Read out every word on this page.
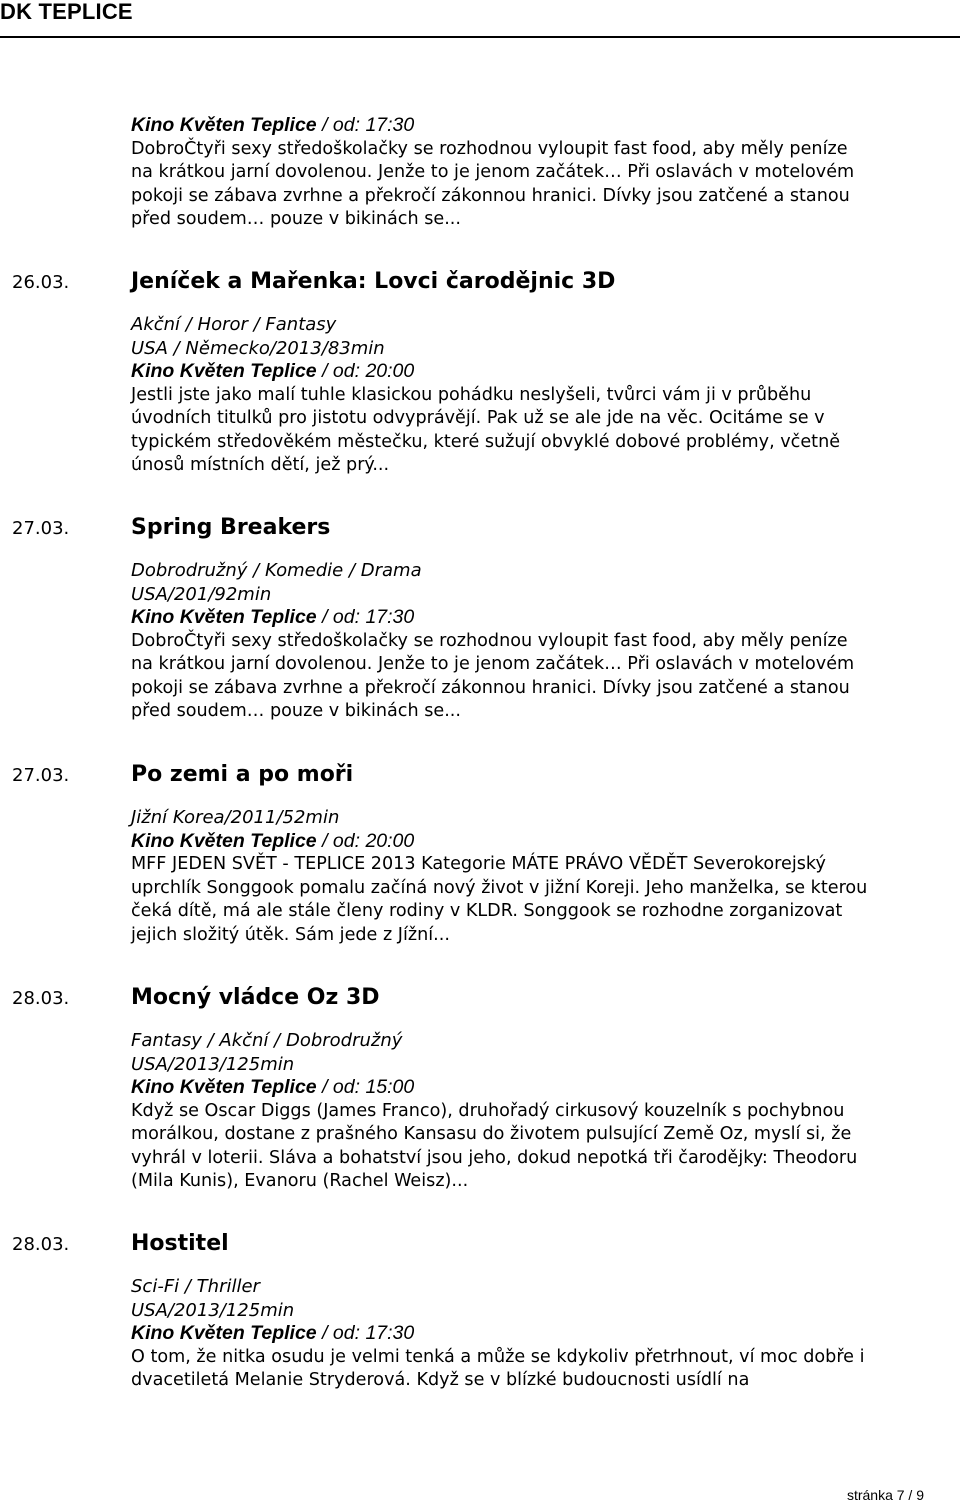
DK TEPLICE
Kino Květen Teplice / od: 17:30
DobroČtyři sexy středoškolačky se rozhodnou vyloupit fast food, aby měly peníze na krátkou jarní dovolenou. Jenže to je jenom začátek… Při oslavách v motelovém pokoji se zábava zvrhne a překročí zákonnou hranici. Dívky jsou zatčené a stanou před soudem… pouze v bikinách se...
26.03.	Jeníček a Mařenka: Lovci čarodějnic 3D
Akční / Horor / Fantasy
USA / Německo/2013/83min
Kino Květen Teplice / od: 20:00
Jestli jste jako malí tuhle klasickou pohádku neslyšeli, tvůrci vám ji v průběhu úvodních titulků pro jistotu odvyprávějí. Pak už se ale jde na věc. Ocitáme se v typickém středověkém městečku, které sužují obvyklé dobové problémy, včetně únosů místních dětí, jež prý...
27.03.	Spring Breakers
Dobrodružný / Komedie / Drama
USA/201/92min
Kino Květen Teplice / od: 17:30
DobroČtyři sexy středoškolačky se rozhodnou vyloupit fast food, aby měly peníze na krátkou jarní dovolenou. Jenže to je jenom začátek… Při oslavách v motelovém pokoji se zábava zvrhne a překročí zákonnou hranici. Dívky jsou zatčené a stanou před soudem… pouze v bikinách se...
27.03.	Po zemi a po moři
Jižní Korea/2011/52min
Kino Květen Teplice / od: 20:00
MFF JEDEN SVĚT - TEPLICE 2013 Kategorie MÁTE PRÁVO VĚDĚT Severokorejský uprchlík Songgook pomalu začíná nový život v jižní Koreji. Jeho manželka, se kterou čeká dítě, má ale stále členy rodiny v KLDR. Songgook se rozhodne zorganizovat jejich složitý útěk. Sám jede z Jížní...
28.03.	Mocný vládce Oz 3D
Fantasy / Akční / Dobrodružný
USA/2013/125min
Kino Květen Teplice / od: 15:00
Když se Oscar Diggs (James Franco), druhořadý cirkusový kouzelník s pochybnou morálkou, dostane z prašného Kansasu do životem pulsující Země Oz, myslí si, že vyhrál v loterii. Sláva a bohatství jsou jeho, dokud nepotká tři čarodějky: Theodoru (Mila Kunis), Evanoru (Rachel Weisz)...
28.03.	Hostitel
Sci-Fi / Thriller
USA/2013/125min
Kino Květen Teplice / od: 17:30
O tom, že nitka osudu je velmi tenká a může se kdykoliv přetrhnout, ví moc dobře i dvacetiletá Melanie Stryderová. Když se v blízké budoucnosti usídlí na
stránka 7 / 9
